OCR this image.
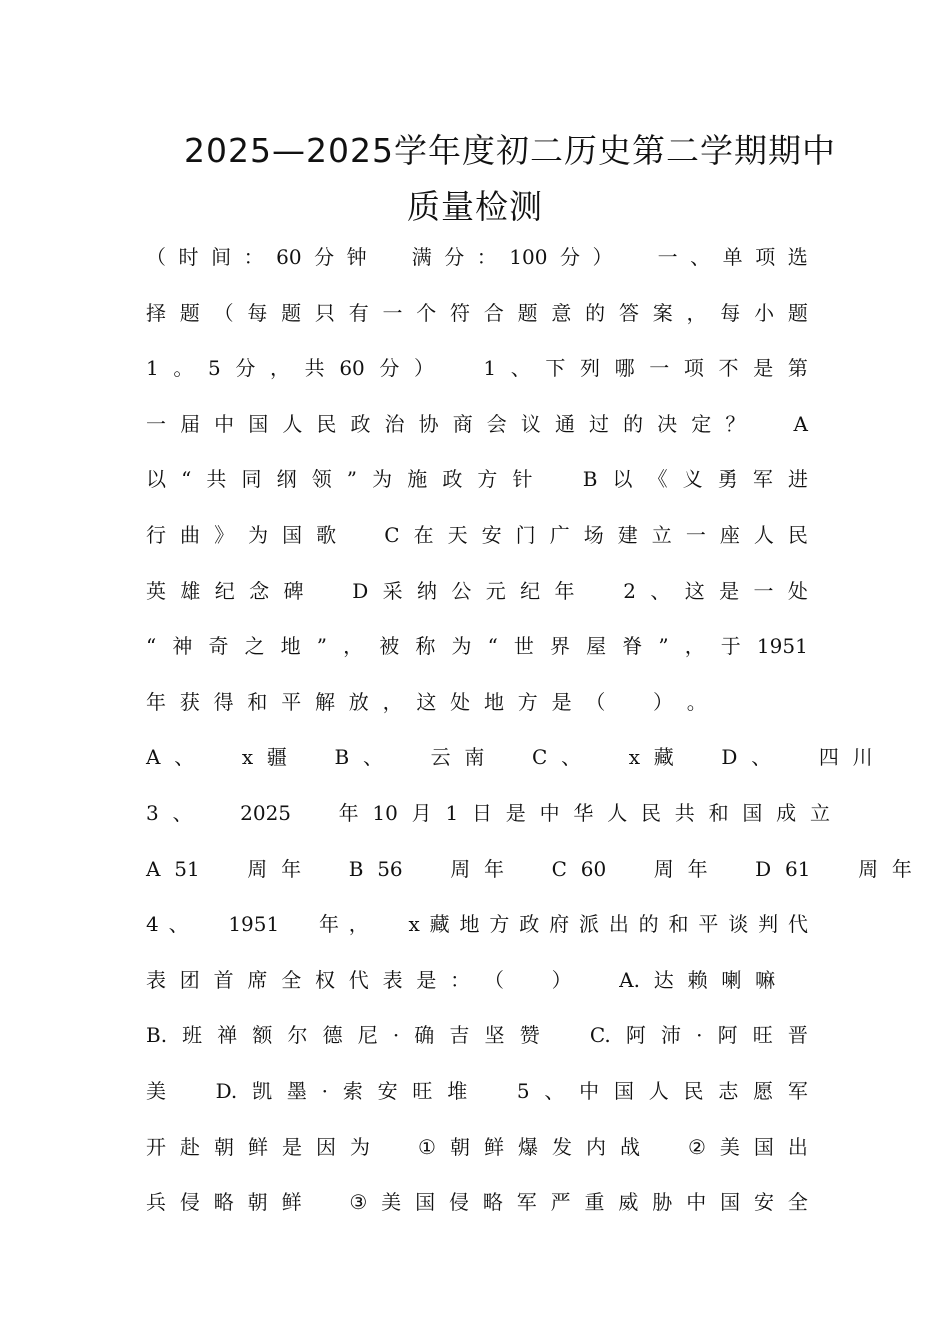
2025—2025学年度初二历史第二学期期中
质量检测
（ 时 间 ： 60 分 钟
　 满 分 ： 100 分 ）
　 一 、 单 项 选
择 题 （ 每 题 只 有 一 个 符 合 题 意 的 答 案 ， 每 小 题
1 。 5 分 ， 共 60 分 ）
　 1 、 下 列 哪 一 项 不 是 第
一 届 中 国 人 民 政 治 协 商 会 议 通 过 的 决 定 ？
　 A
以 “ 共 同 纲 领 ” 为 施 政 方 针
　	B 以 《 义 勇 军 进
行 曲 》 为 国 歌
　 C 在 天 安 门 广 场 建 立 一 座 人 民
英 雄 纪 念 碑
　 D 采 纳 公 元 纪 年
　 2 、 这 是 一 处
“ 神 奇 之 地 ” ， 被 称 为 “ 世 界 屋 脊 ” ， 于 1951
年 获 得 和 平 解 放 ， 这 处 地 方 是 （
　 ） 。
A 、
　 x 疆
　 B 、
　 云 南
　 C 、
　 x 藏
　 D 、
　 四 川
3 、
　 2025
　 年 10 月 1 日 是 中 华 人 民 共 和 国 成 立
A 51
　 周 年
　 B 56
　 周 年
　 C 60
　 周 年
　 D 61
　 周 年
4 、
　 1951
　 年 ，
　 x 藏 地 方 政 府 派 出 的 和 平 谈 判 代
表 团 首 席 全 权 代 表 是 ： （
　 ）
　 A. 达 赖 喇 嘛
B. 班 禅 额 尔 德 尼 · 确 吉 坚 赞
　	C. 阿 沛 · 阿 旺 晋
美
　 D. 凯 墨 · 索 安 旺 堆
　 5 、 中 国 人 民 志 愿 军
开 赴 朝 鲜 是 因 为
　 ① 朝 鲜 爆 发 内 战
　 ② 美 国 出
兵 侵 略 朝 鲜
　 ③ 美 国 侵 略 军 严 重 威 胁 中 国 安 全
